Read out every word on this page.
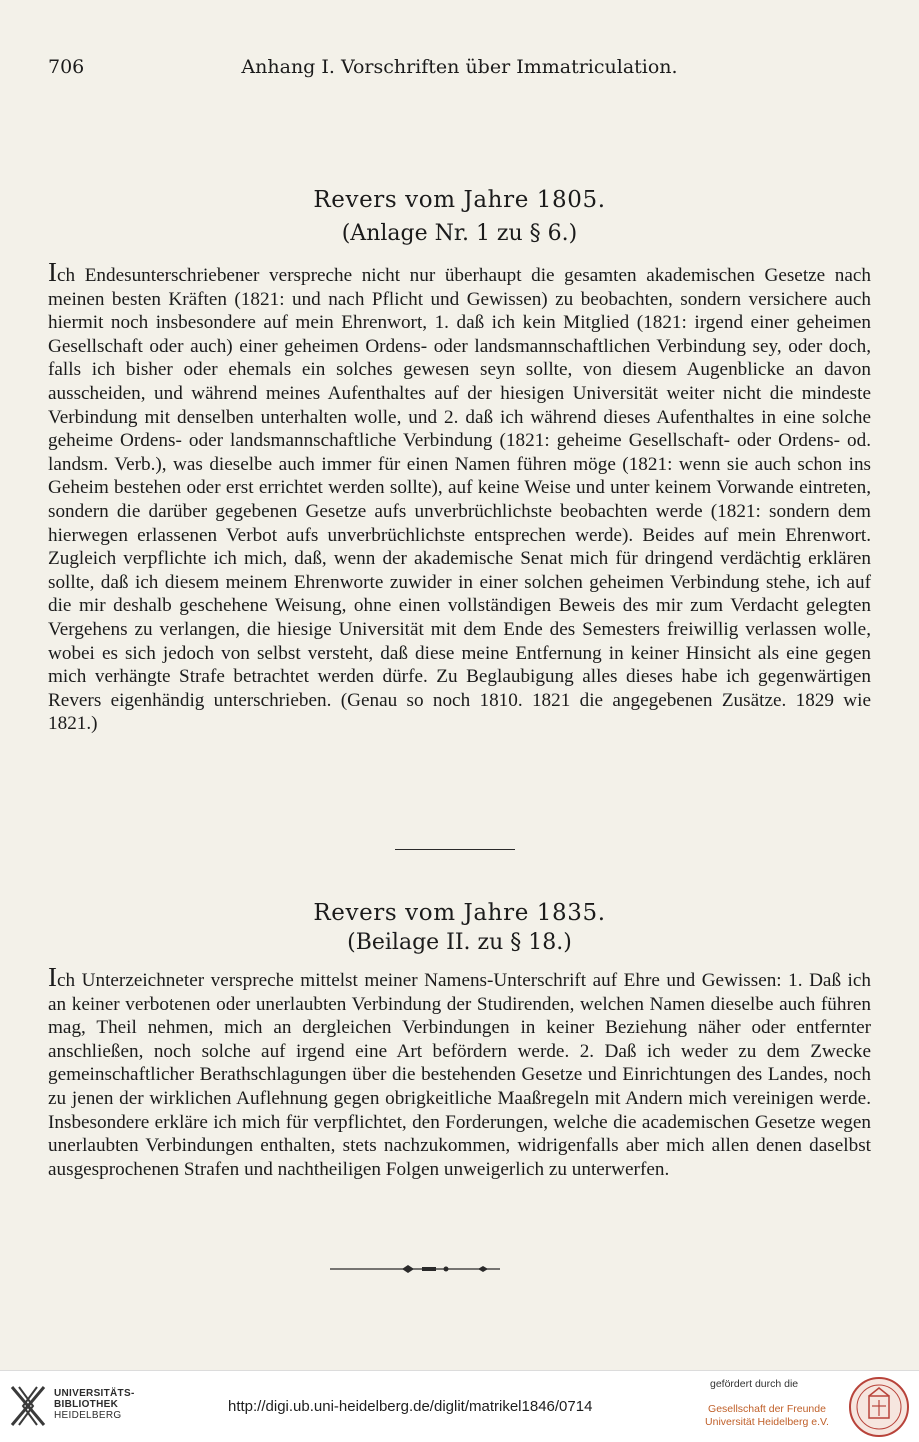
706	Anhang I. Vorschriften über Immatriculation.
Revers vom Jahre 1805.
(Anlage Nr. 1 zu § 6.)

Ich Endesunterschriebener verspreche nicht nur überhaupt die gesamten akademischen Gesetze nach meinen besten Kräften (1821: und nach Pflicht und Gewissen) zu beobachten, sondern versichere auch hiermit noch insbesondere auf mein Ehrenwort, 1. daß ich kein Mitglied (1821: irgend einer geheimen Gesellschaft oder auch) einer geheimen Ordens- oder landsmannschaftlichen Verbindung sey, oder doch, falls ich bisher oder ehemals ein solches gewesen seyn sollte, von diesem Augenblicke an davon ausscheiden, und während meines Aufenthaltes auf der hiesigen Universität weiter nicht die mindeste Verbindung mit denselben unterhalten wolle, und 2. daß ich während dieses Aufenthaltes in eine solche geheime Ordens- oder landsmannschaftliche Verbindung (1821: geheime Gesellschaft- oder Ordens- od. landsm. Verb.), was dieselbe auch immer für einen Namen führen möge (1821: wenn sie auch schon ins Geheim bestehen oder erst errichtet werden sollte), auf keine Weise und unter keinem Vorwande eintreten, sondern die darüber gegebenen Gesetze aufs unverbrüchlichste beobachten werde (1821: sondern dem hierwegen erlassenen Verbot aufs unverbrüchlichste entsprechen werde). Beides auf mein Ehrenwort. Zugleich verpflichte ich mich, daß, wenn der akademische Senat mich für dringend verdächtig erklären sollte, daß ich diesem meinem Ehrenworte zuwider in einer solchen geheimen Verbindung stehe, ich auf die mir deshalb geschehene Weisung, ohne einen vollständigen Beweis des mir zum Verdacht gelegten Vergehens zu verlangen, die hiesige Universität mit dem Ende des Semesters freiwillig verlassen wolle, wobei es sich jedoch von selbst versteht, daß diese meine Entfernung in keiner Hinsicht als eine gegen mich verhängte Strafe betrachtet werden dürfe. Zu Beglaubigung alles dieses habe ich gegenwärtigen Revers eigenhändig unterschrieben. (Genau so noch 1810. 1821 die angegebenen Zusätze. 1829 wie 1821.)

Revers vom Jahre 1835.
(Beilage II. zu § 18.)

Ich Unterzeichneter verspreche mittelst meiner Namens-Unterschrift auf Ehre und Gewissen: 1. Daß ich an keiner verbotenen oder unerlaubten Verbindung der Studirenden, welchen Namen dieselbe auch führen mag, Theil nehmen, mich an dergleichen Verbindungen in keiner Beziehung näher oder entfernter anschließen, noch solche auf irgend eine Art befördern werde. 2. Daß ich weder zu dem Zwecke gemeinschaftlicher Berathschlagungen über die bestehenden Gesetze und Einrichtungen des Landes, noch zu jenen der wirklichen Auflehnung gegen obrigkeitliche Maaßregeln mit Andern mich vereinigen werde. Insbesondere erkläre ich mich für verpflichtet, den Forderungen, welche die academischen Gesetze wegen unerlaubten Verbindungen enthalten, stets nachzukommen, widrigenfalls aber mich allen denen daselbst ausgesprochenen Strafen und nachtheiligen Folgen unweigerlich zu unterwerfen.

UNIVERSITÄTS-
BIBLIOTHEK
HEIDELBERG
http://digi.ub.uni-heidelberg.de/diglit/matrikel1846/0714
gefördert durch die
Gesellschaft der Freunde
Universität Heidelberg e.V.
